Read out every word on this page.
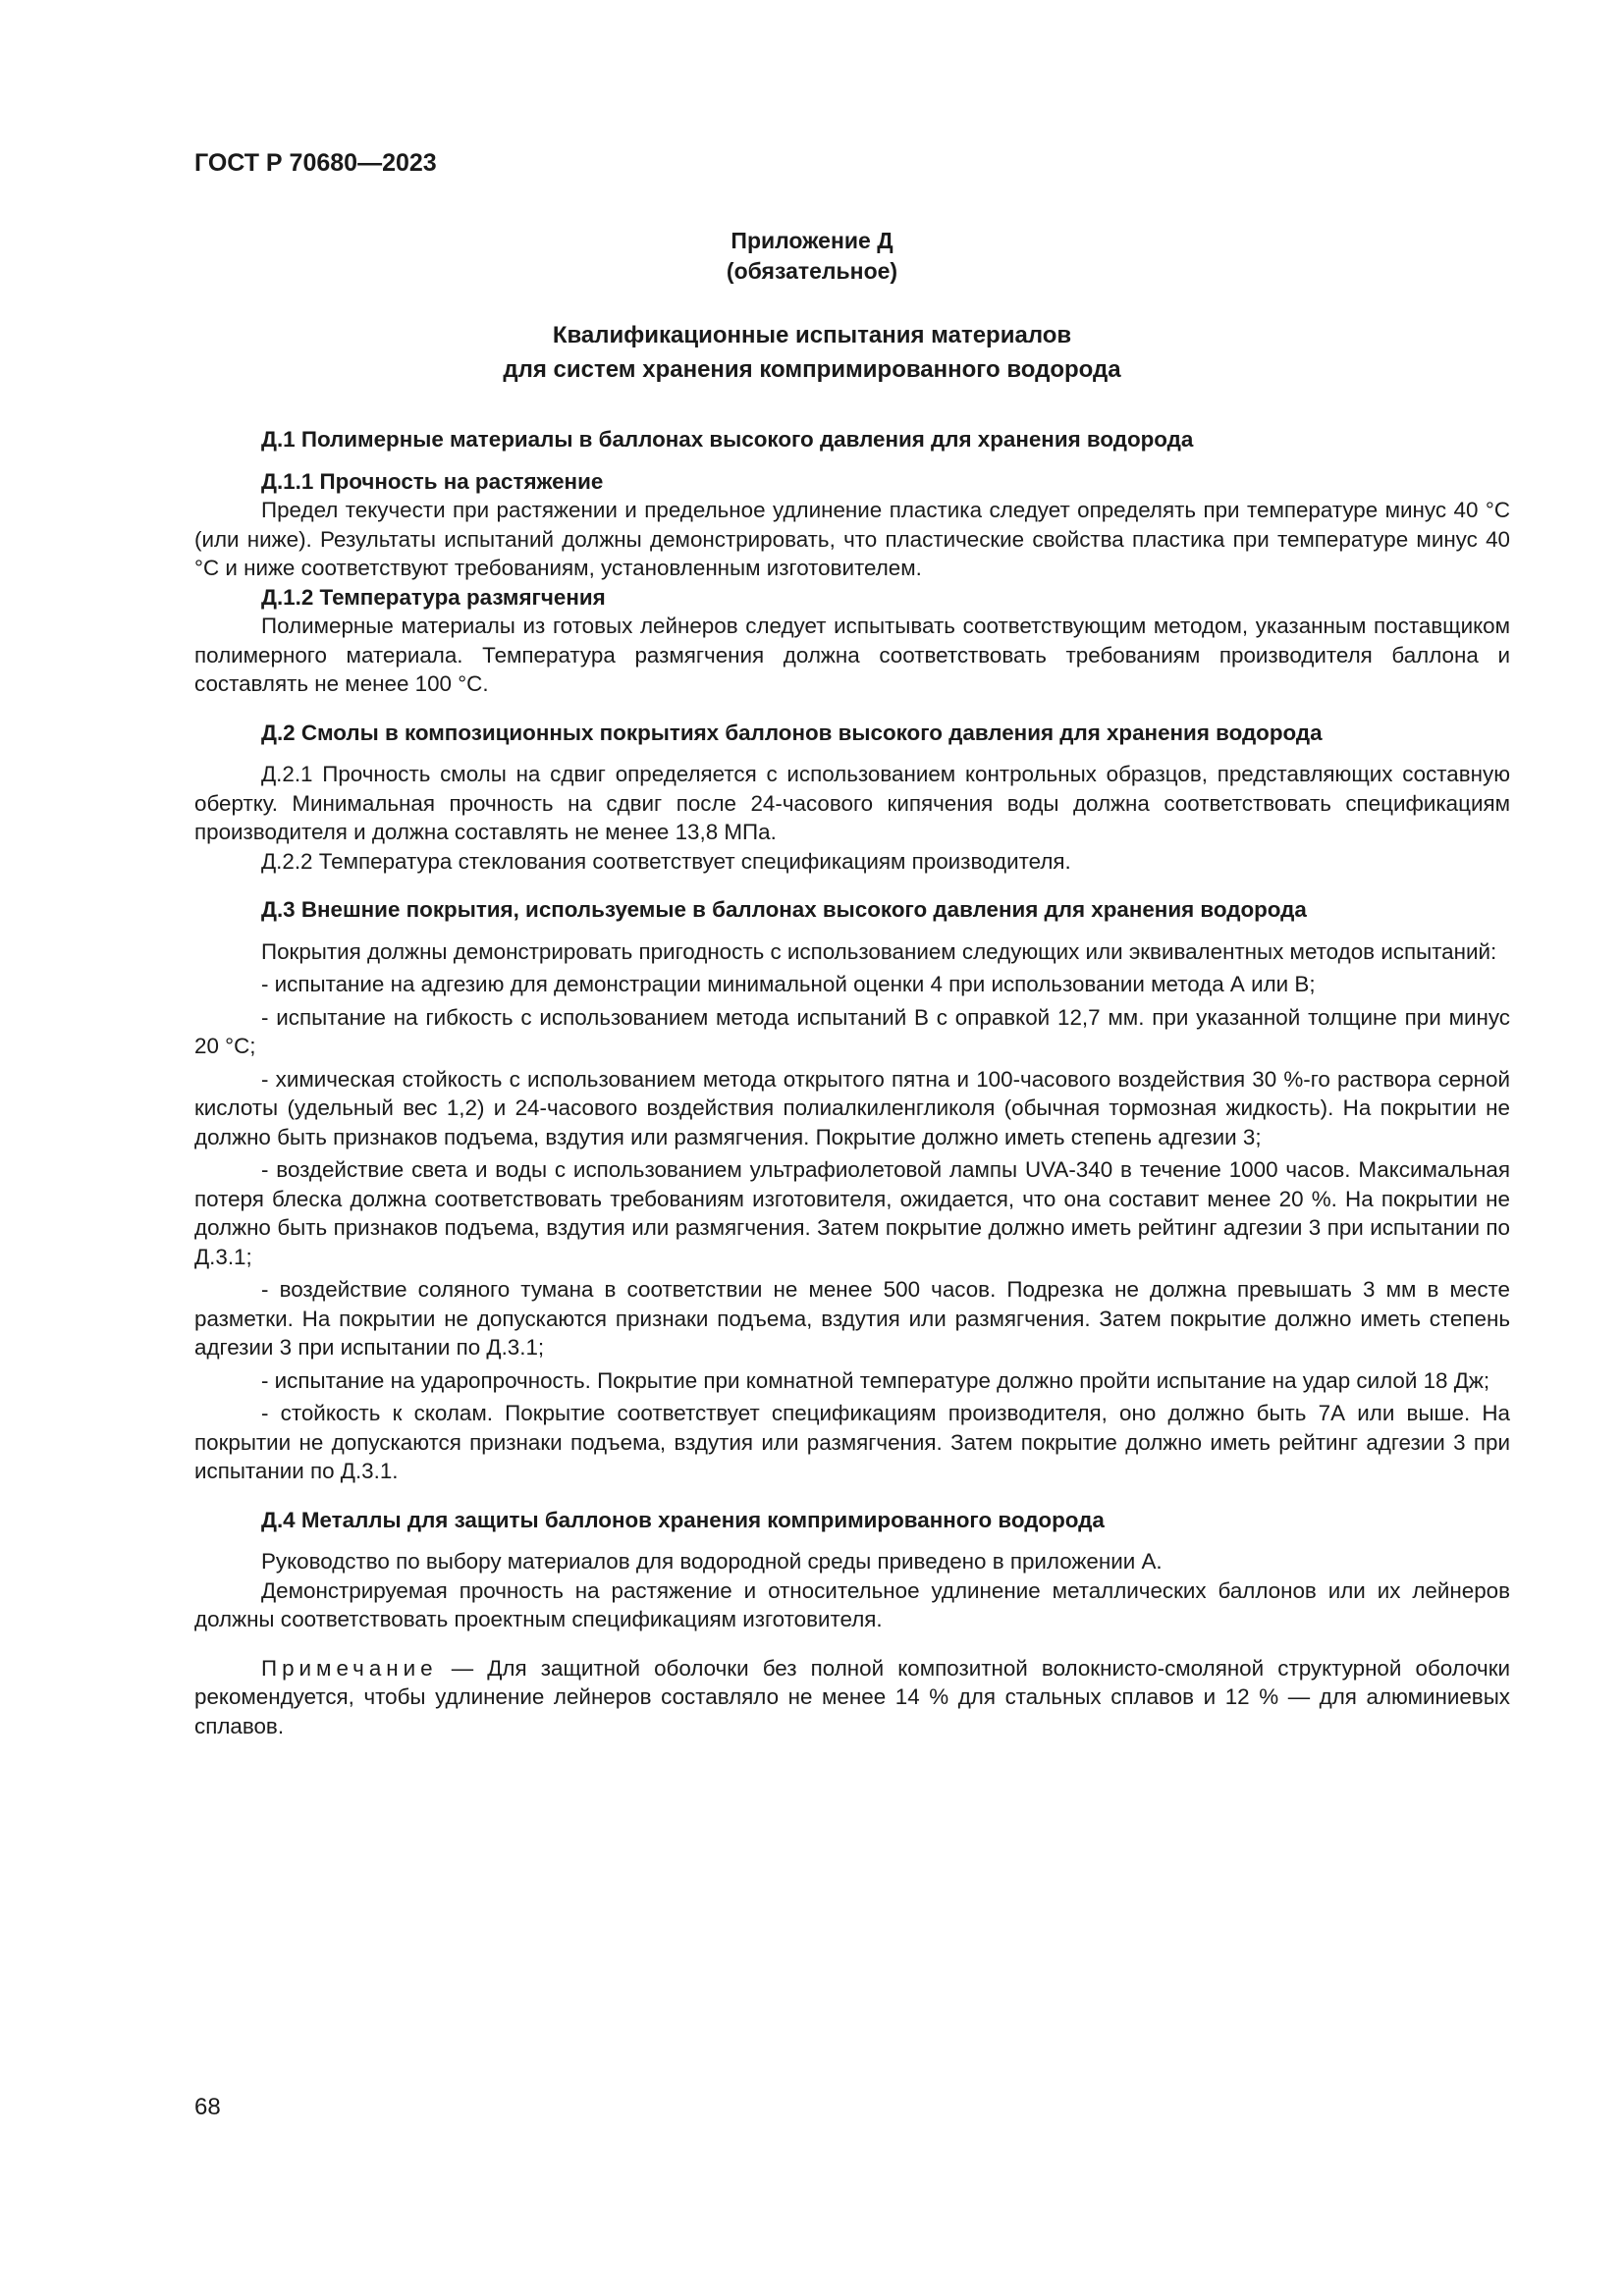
ГОСТ Р 70680—2023

Приложение Д
(обязательное)
Квалификационные испытания материалов
для систем хранения компримированного водорода
Д.1 Полимерные материалы в баллонах высокого давления для хранения водорода
Д.1.1 Прочность на растяжение

Предел текучести при растяжении и предельное удлинение пластика следует определять при температуре минус 40 °С (или ниже). Результаты испытаний должны демонстрировать, что пластические свойства пластика при температуре минус 40 °С и ниже соответствуют требованиям, установленным изготовителем.

Д.1.2 Температура размягчения

Полимерные материалы из готовых лейнеров следует испытывать соответствующим методом, указанным поставщиком полимерного материала. Температура размягчения должна соответствовать требованиям производителя баллона и составлять не менее 100 °С.

Д.2 Смолы в композиционных покрытиях баллонов высокого давления для хранения водорода

Д.2.1 Прочность смолы на сдвиг определяется с использованием контрольных образцов, представляющих составную обертку. Минимальная прочность на сдвиг после 24-часового кипячения воды должна соответствовать спецификациям производителя и должна составлять не менее 13,8 МПа.

Д.2.2 Температура стеклования соответствует спецификациям производителя.

Д.3 Внешние покрытия, используемые в баллонах высокого давления для хранения водорода

Покрытия должны демонстрировать пригодность с использованием следующих или эквивалентных методов испытаний:

- испытание на адгезию для демонстрации минимальной оценки 4 при использовании метода А или В;

- испытание на гибкость с использованием метода испытаний В с оправкой 12,7 мм. при указанной толщине при минус 20 °С;

- химическая стойкость с использованием метода открытого пятна и 100-часового воздействия 30 %-го раствора серной кислоты (удельный вес 1,2) и 24-часового воздействия полиалкиленгликоля (обычная тормозная жидкость). На покрытии не должно быть признаков подъема, вздутия или размягчения. Покрытие должно иметь степень адгезии 3;

- воздействие света и воды с использованием ультрафиолетовой лампы UVA-340 в течение 1000 часов. Максимальная потеря блеска должна соответствовать требованиям изготовителя, ожидается, что она составит менее 20 %. На покрытии не должно быть признаков подъема, вздутия или размягчения. Затем покрытие должно иметь рейтинг адгезии 3 при испытании по Д.3.1;

- воздействие соляного тумана в соответствии не менее 500 часов. Подрезка не должна превышать 3 мм в месте разметки. На покрытии не допускаются признаки подъема, вздутия или размягчения. Затем покрытие должно иметь степень адгезии 3 при испытании по Д.3.1;

- испытание на ударопрочность. Покрытие при комнатной температуре должно пройти испытание на удар силой 18 Дж;

- стойкость к сколам. Покрытие соответствует спецификациям производителя, оно должно быть 7А или выше. На покрытии не допускаются признаки подъема, вздутия или размягчения. Затем покрытие должно иметь рейтинг адгезии 3 при испытании по Д.3.1.

Д.4 Металлы для защиты баллонов хранения компримированного водорода

Руководство по выбору материалов для водородной среды приведено в приложении А.

Демонстрируемая прочность на растяжение и относительное удлинение металлических баллонов или их лейнеров должны соответствовать проектным спецификациям изготовителя.

Примечание — Для защитной оболочки без полной композитной волокнисто-смоляной структурной оболочки рекомендуется, чтобы удлинение лейнеров составляло не менее 14 % для стальных сплавов и 12 % — для алюминиевых сплавов.

68
